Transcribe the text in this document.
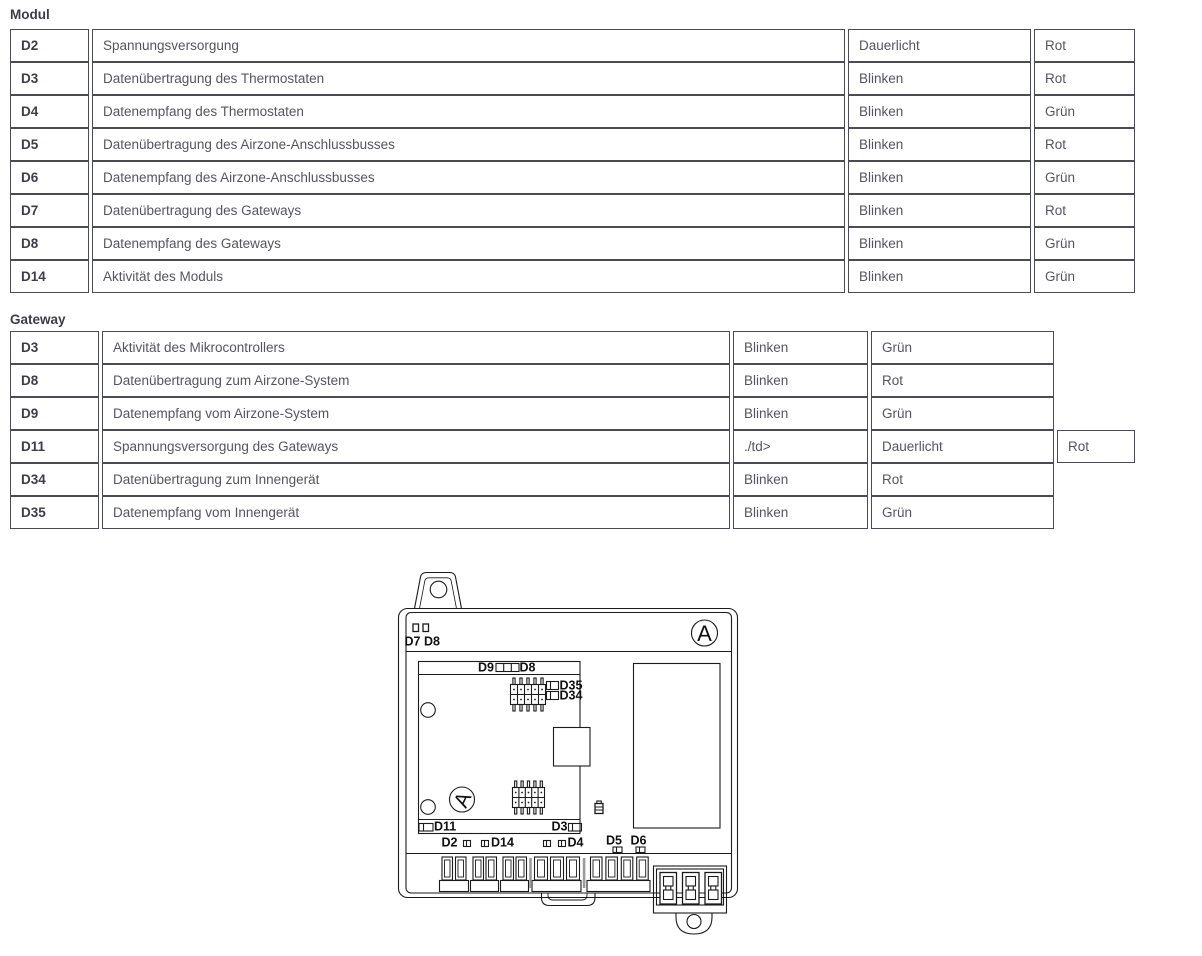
Modul
D2	Spannungsversorgung	Dauerlicht	Rot
D3	Datenübertragung des Thermostaten	Blinken	Rot
D4	Datenempfang des Thermostaten	Blinken	Grün
D5	Datenübertragung des Airzone-Anschlussbusses	Blinken	Rot
D6	Datenempfang des Airzone-Anschlussbusses	Blinken	Grün
D7	Datenübertragung des Gateways	Blinken	Rot
D8	Datenempfang des Gateways	Blinken	Grün
D14	Aktivität des Moduls	Blinken	Grün
Gateway
D3	Aktivität des Mikrocontrollers	Blinken	Grün
D8	Datenübertragung zum Airzone-System	Blinken	Rot
D9	Datenempfang vom Airzone-System	Blinken	Grün
D11	Spannungsversorgung des Gateways	./td>	Dauerlicht	Rot
D34	Datenübertragung zum Innengerät	Blinken	Rot
D35	Datenempfang vom Innengerät	Blinken	Grün
D7 D8
D9 D8
D35
D34
D11	D3
D2	D14	D4 D5 D6
A
A
